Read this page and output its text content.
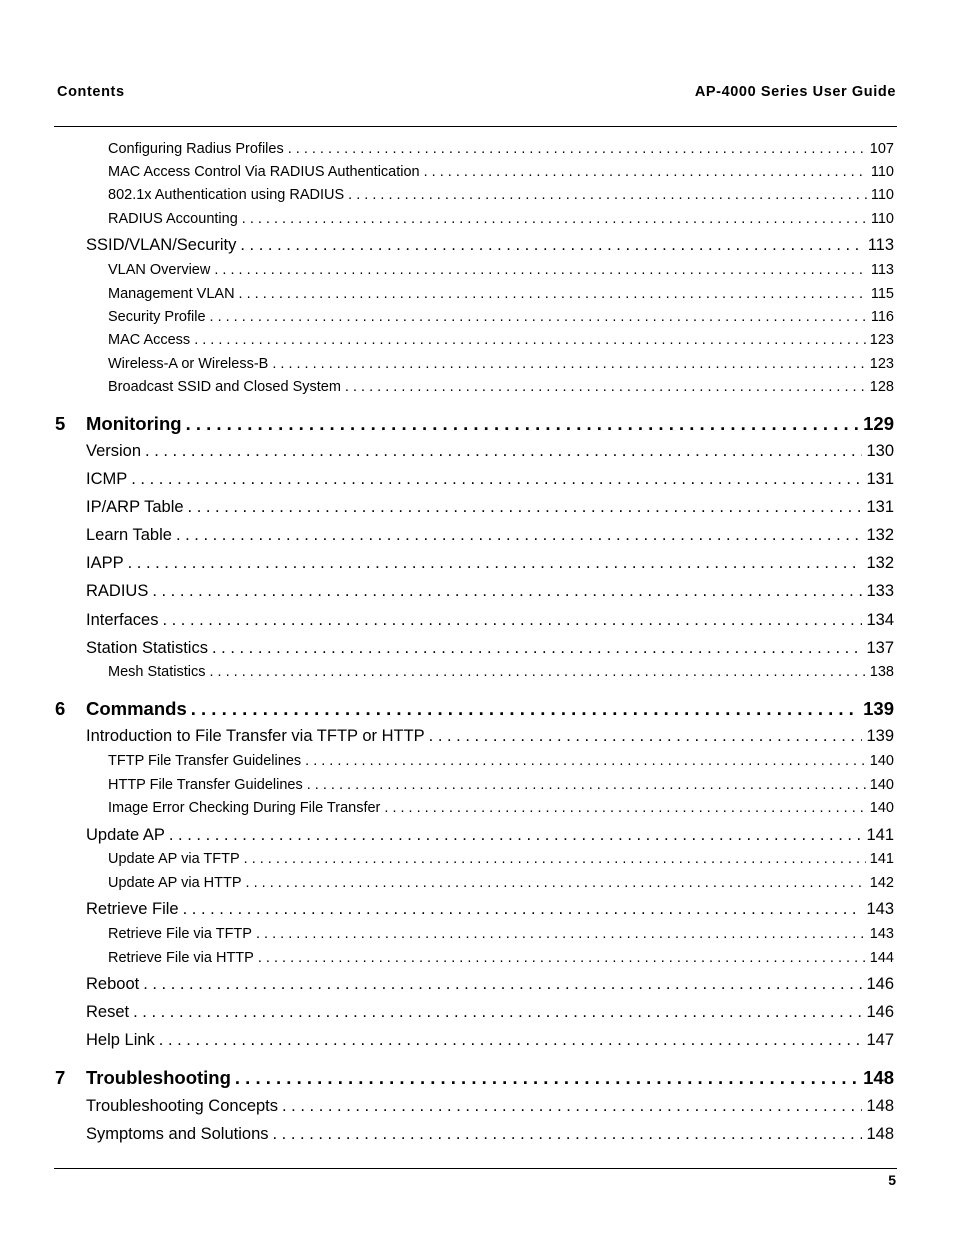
Contents	AP-4000 Series User Guide
Configuring Radius Profiles . . .	107
MAC Access Control Via RADIUS Authentication . . .	110
802.1x Authentication using RADIUS . . .	110
RADIUS Accounting . . .	110
SSID/VLAN/Security . . .	113
VLAN Overview . . .	113
Management VLAN . . .	115
Security Profile . . .	116
MAC Access . . .	123
Wireless-A or Wireless-B . . .	123
Broadcast SSID and Closed System . . .	128
5 Monitoring . . .	129
Version . . .	130
ICMP . . .	131
IP/ARP Table . . .	131
Learn Table . . .	132
IAPP . . .	132
RADIUS . . .	133
Interfaces . . .	134
Station Statistics . . .	137
Mesh Statistics . . .	138
6 Commands . . .	139
Introduction to File Transfer via TFTP or HTTP . . .	139
TFTP File Transfer Guidelines . . .	140
HTTP File Transfer Guidelines . . .	140
Image Error Checking During File Transfer . . .	140
Update AP . . .	141
Update AP via TFTP . . .	141
Update AP via HTTP . . .	142
Retrieve File . . .	143
Retrieve File via TFTP . . .	143
Retrieve File via HTTP . . .	144
Reboot . . .	146
Reset . . .	146
Help Link . . .	147
7 Troubleshooting . . .	148
Troubleshooting Concepts . . .	148
Symptoms and Solutions . . .	148
5
